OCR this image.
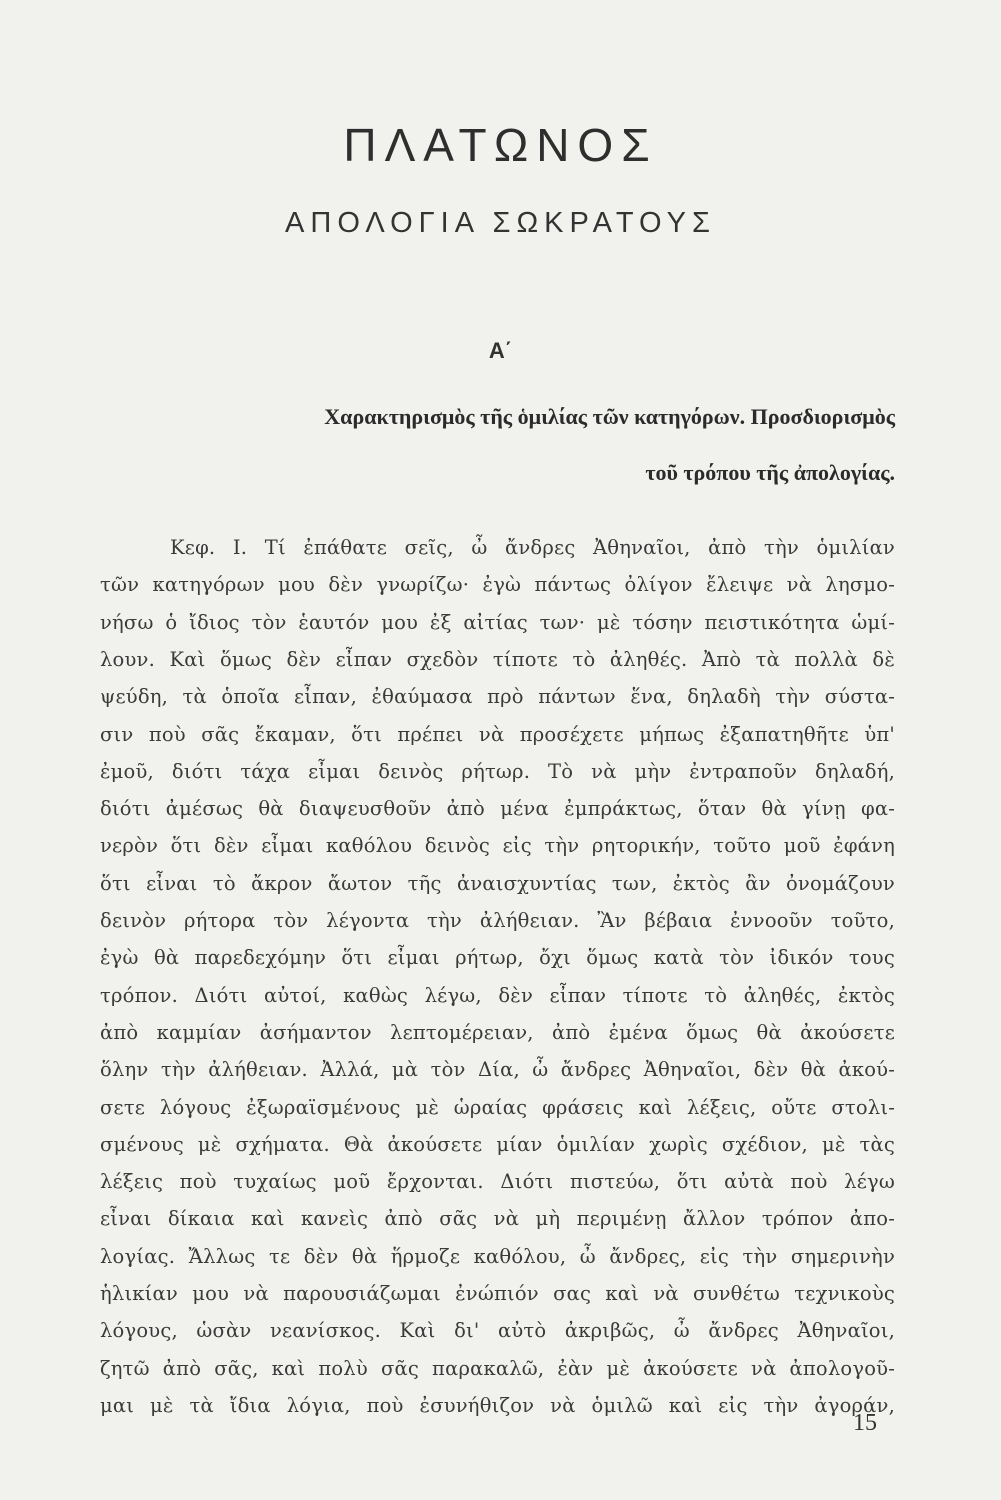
ΠΛΑΤΩΝΟΣ
ΑΠΟΛΟΓΙΑ ΣΩΚΡΑΤΟΥΣ
Α΄
Χαρακτηρισμὸς τῆς ὁμιλίας τῶν κατηγόρων. Προσδιορισμὸς
τοῦ τρόπου τῆς ἀπολογίας.
Κεφ. Ι. Τί ἐπάθατε σεῖς, ὦ ἄνδρες Ἀθηναῖοι, ἀπὸ τὴν ὁμιλίαν
τῶν κατηγόρων μου δὲν γνωρίζω· ἐγὼ πάντως ὀλίγον ἔλειψε νὰ λησμο-
νήσω ὁ ἴδιος τὸν ἑαυτόν μου ἐξ αἰτίας των· μὲ τόσην πειστικότητα ὡμί-
λουν. Καὶ ὅμως δὲν εἶπαν σχεδὸν τίποτε τὸ ἀληθές. Ἀπὸ τὰ πολλὰ δὲ
ψεύδη, τὰ ὁποῖα εἶπαν, ἐθαύμασα πρὸ πάντων ἕνα, δηλαδὴ τὴν σύστα-
σιν ποὺ σᾶς ἔκαμαν, ὅτι πρέπει νὰ προσέχετε μήπως ἐξαπατηθῆτε ὑπ'
ἐμοῦ, διότι τάχα εἶμαι δεινὸς ρήτωρ. Τὸ νὰ μὴν ἐντραποῦν δηλαδή,
διότι ἀμέσως θὰ διαψευσθοῦν ἀπὸ μένα ἐμπράκτως, ὅταν θὰ γίνῃ φα-
νερὸν ὅτι δὲν εἶμαι καθόλου δεινὸς εἰς τὴν ρητορικήν, τοῦτο μοῦ ἐφάνη
ὅτι εἶναι τὸ ἄκρον ἄωτον τῆς ἀναισχυντίας των, ἐκτὸς ἂν ὀνομάζουν
δεινὸν ρήτορα τὸν λέγοντα τὴν ἀλήθειαν. Ἂν βέβαια ἐννοοῦν τοῦτο,
ἐγὼ θὰ παρεδεχόμην ὅτι εἶμαι ρήτωρ, ὄχι ὅμως κατὰ τὸν ἰδικόν τους
τρόπον. Διότι αὐτοί, καθὼς λέγω, δὲν εἶπαν τίποτε τὸ ἀληθές, ἐκτὸς
ἀπὸ καμμίαν ἀσήμαντον λεπτομέρειαν, ἀπὸ ἐμένα ὅμως θὰ ἀκούσετε
ὅλην τὴν ἀλήθειαν. Ἀλλά, μὰ τὸν Δία, ὦ ἄνδρες Ἀθηναῖοι, δὲν θὰ ἀκού-
σετε λόγους ἐξωραϊσμένους μὲ ὡραίας φράσεις καὶ λέξεις, οὔτε στολι-
σμένους μὲ σχήματα. Θὰ ἀκούσετε μίαν ὁμιλίαν χωρὶς σχέδιον, μὲ τὰς
λέξεις ποὺ τυχαίως μοῦ ἔρχονται. Διότι πιστεύω, ὅτι αὐτὰ ποὺ λέγω
εἶναι δίκαια καὶ κανεὶς ἀπὸ σᾶς νὰ μὴ περιμένῃ ἄλλον τρόπον ἀπο-
λογίας. Ἄλλως τε δὲν θὰ ἥρμοζε καθόλου, ὦ ἄνδρες, εἰς τὴν σημερινὴν
ἡλικίαν μου νὰ παρουσιάζωμαι ἐνώπιόν σας καὶ νὰ συνθέτω τεχνικοὺς
λόγους, ὡσὰν νεανίσκος. Καὶ δι' αὐτὸ ἀκριβῶς, ὦ ἄνδρες Ἀθηναῖοι,
ζητῶ ἀπὸ σᾶς, καὶ πολὺ σᾶς παρακαλῶ, ἐὰν μὲ ἀκούσετε νὰ ἀπολογοῦ-
μαι μὲ τὰ ἴδια λόγια, ποὺ ἐσυνήθιζον νὰ ὁμιλῶ καὶ εἰς τὴν ἀγοράν,
15
